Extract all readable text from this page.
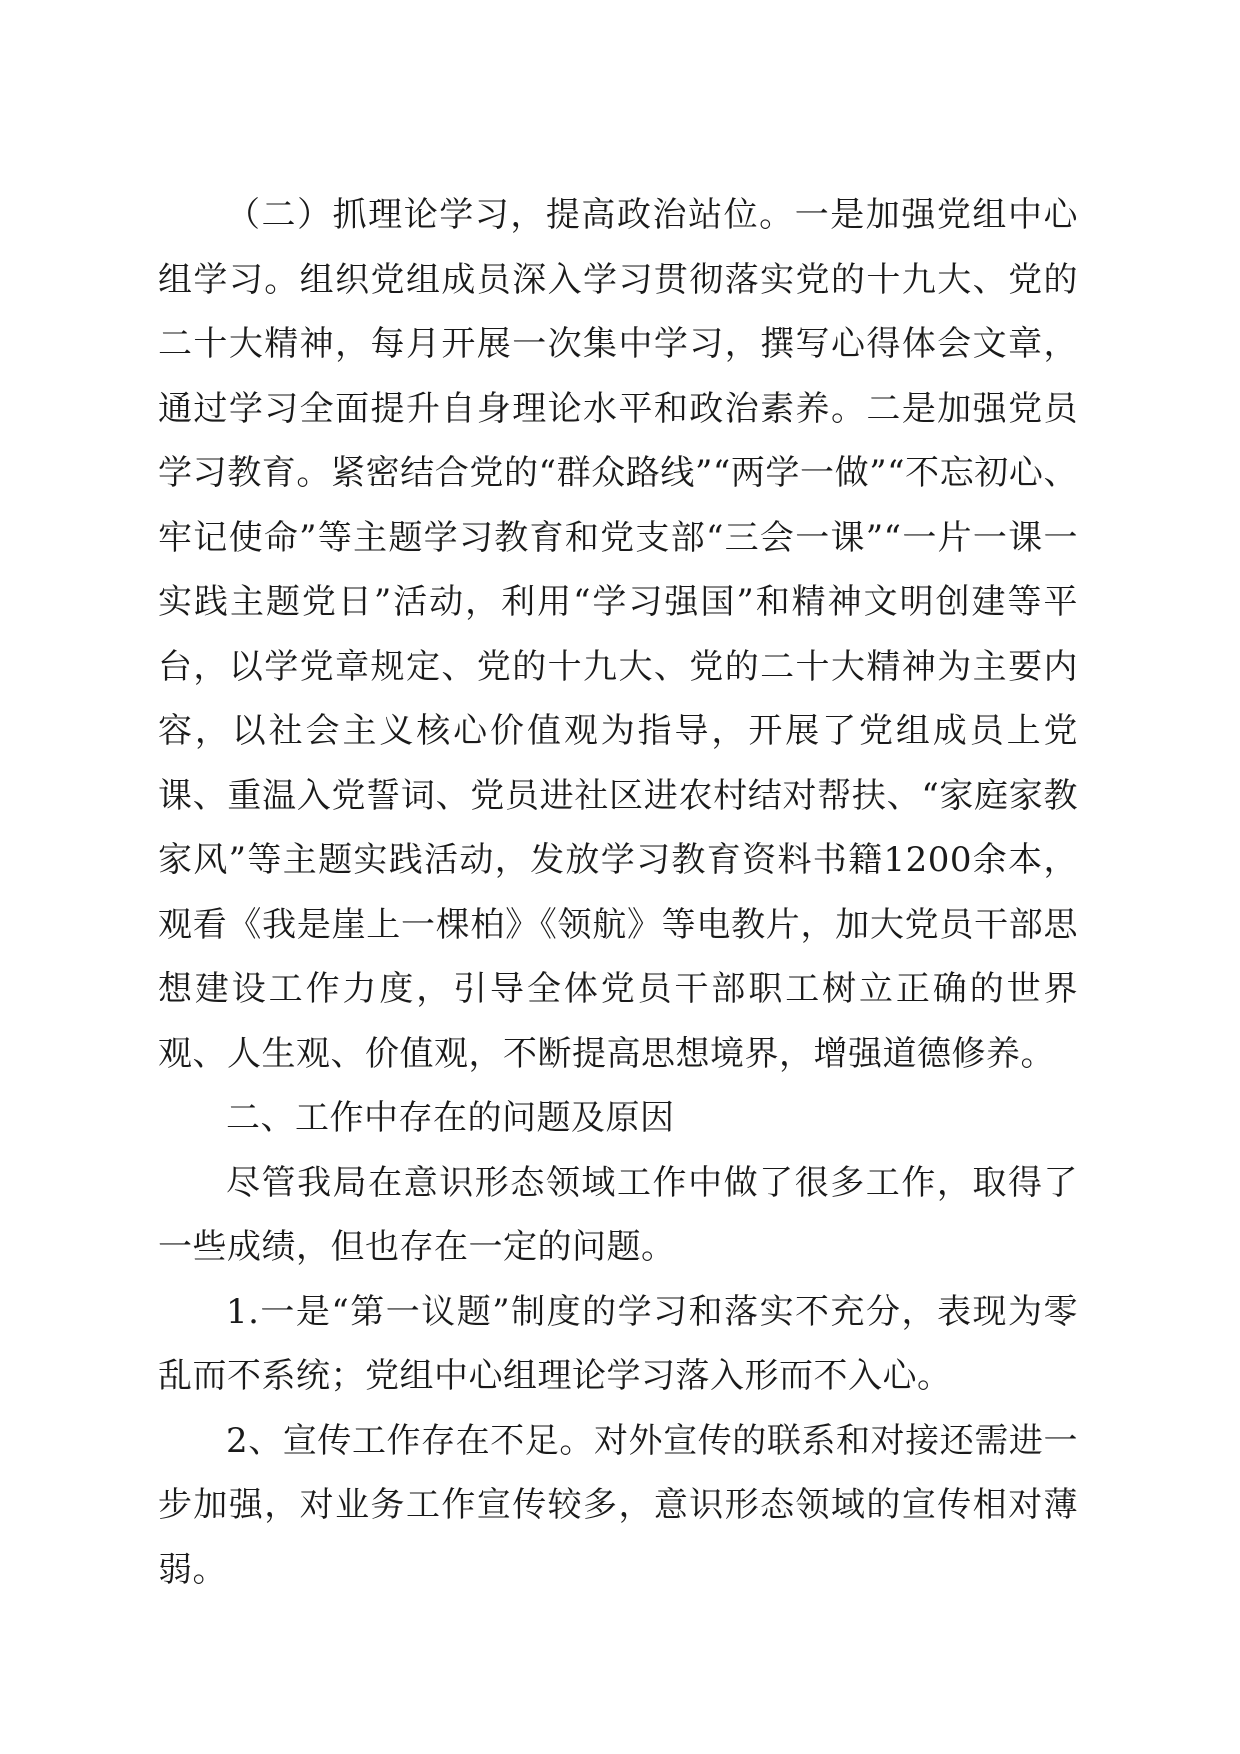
（二）抓理论学习，提高政治站位。一是加强党组中心组学习。组织党组成员深入学习贯彻落实党的十九大、党的二十大精神，每月开展一次集中学习，撰写心得体会文章，通过学习全面提升自身理论水平和政治素养。二是加强党员学习教育。紧密结合党的“群众路线”“两学一做”“不忘初心、牢记使命”等主题学习教育和党支部“三会一课”“一片一课一实践主题党日”活动，利用“学习强国”和精神文明创建等平台，以学党章规定、党的十九大、党的二十大精神为主要内容，以社会主义核心价值观为指导，开展了党组成员上党课、重温入党誓词、党员进社区进农村结对帮扶、“家庭家教家风”等主题实践活动，发放学习教育资料书籍1200余本，观看《我是崖上一棵柏》《领航》等电教片，加大党员干部思想建设工作力度，引导全体党员干部职工树立正确的世界观、人生观、价值观，不断提高思想境界，增强道德修养。

二、工作中存在的问题及原因

尽管我局在意识形态领域工作中做了很多工作，取得了一些成绩，但也存在一定的问题。

1.一是“第一议题”制度的学习和落实不充分，表现为零乱而不系统；党组中心组理论学习落入形而不入心。

2、宣传工作存在不足。对外宣传的联系和对接还需进一步加强，对业务工作宣传较多，意识形态领域的宣传相对薄弱。
